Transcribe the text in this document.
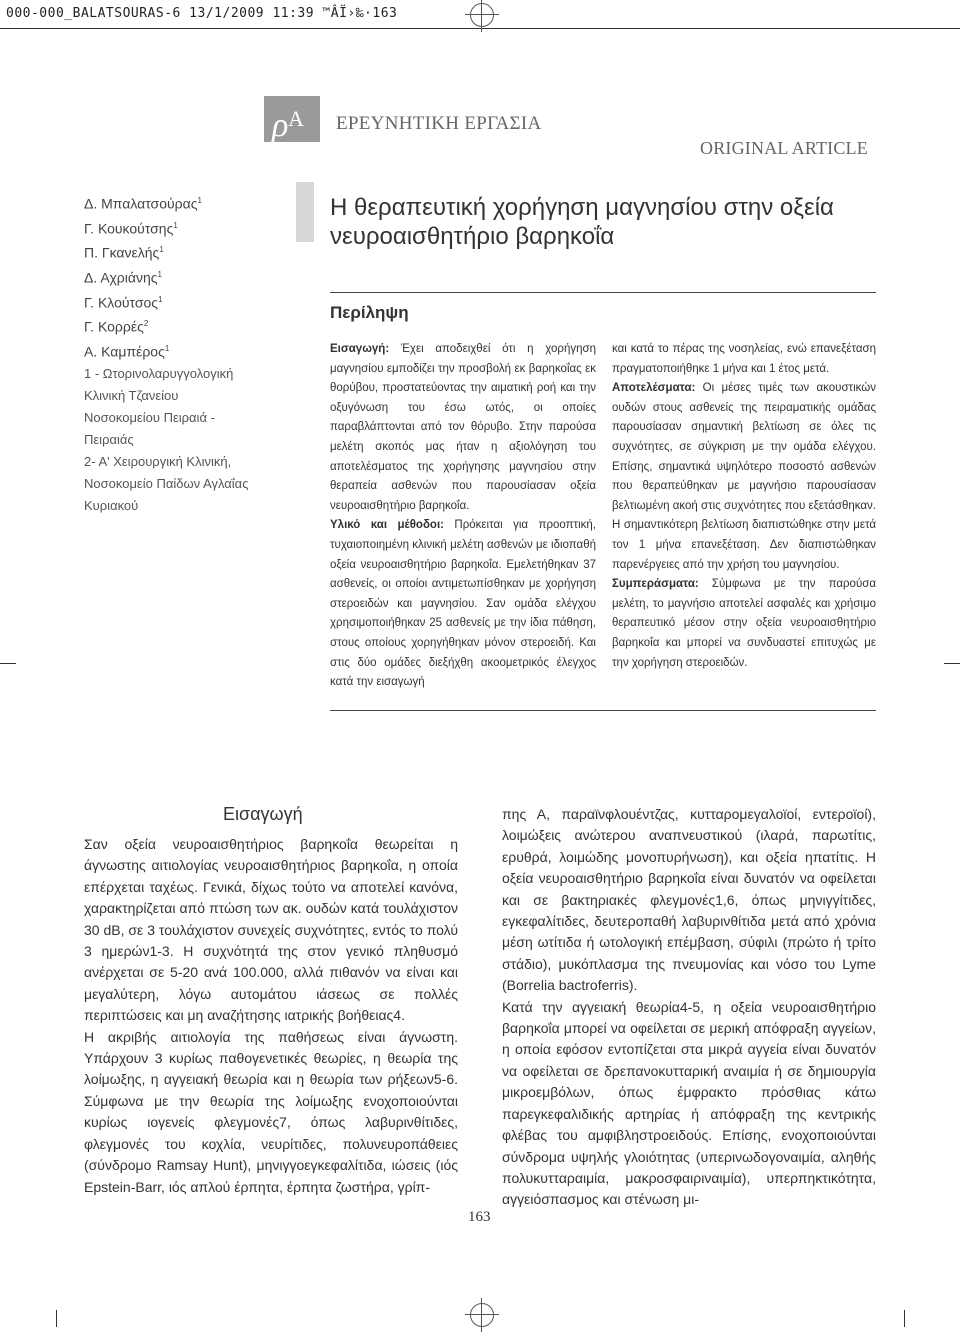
000-000_BALATSOURAS-6 13/1/2009 11:39 ™ÂÏ›‰·163
ρ Α ΕΡΕΥΝΗΤΙΚΗ ΕΡΓΑΣΙΑ
ORIGINAL ARTICLE
Δ. Μπαλατσούρας$^1$
Γ. Κουκούτσης$^1$
Π. Γκανελής$^1$
Δ. Αχριάνης$^1$
Γ. Κλούτσος$^1$
Γ. Κορρές$^2$
Α. Καμπέρος$^1$
1 - Ωτορινολαρυγγολογική
Κλινική Τζανείου
Νοσοκομείου Πειραιά -
Πειραιάς
2- Α' Χειρουργική Κλινική,
Νοσοκομείο Παίδων Αγλαΐας
Κυριακού
Η θεραπευτική χορήγηση μαγνησίου στην οξεία
νευροαισθητήριο βαρηκοΐα
Περίληψη

Εισαγωγή: Έχει αποδειχθεί ότι η χορήγηση μαγνησίου εμποδίζει την προσβολή εκ βαρηκοΐας εκ θορύβου, προστατεύοντας την αιματική ροή και την οξυγόνωση του έσω ωτός, οι οποίες παραβλάπτονται από τον θόρυβο. Στην παρούσα μελέτη σκοπός μας ήταν η αξιολόγηση του αποτελέσματος της χορήγησης μαγνησίου στην θεραπεία ασθενών που παρουσίασαν οξεία νευροαισθητήριο βαρηκοΐα.

Υλικό και μέθοδοι: Πρόκειται για προοπτική, τυχαιοποιημένη κλινική μελέτη ασθενών με ιδιοπαθή οξεία νευροαισθητήριο βαρηκοΐα. Εμελετήθηκαν 37 ασθενείς, οι οποίοι αντιμετωπίσθηκαν με χορήγηση στεροειδών και μαγνησίου. Σαν ομάδα ελέγχου χρησιμοποιήθηκαν 25 ασθενείς με την ίδια πάθηση, στους οποίους χορηγήθηκαν μόνον στεροειδή. Και στις δύο ομάδες διεξήχθη ακοομετρικός έλεγχος κατά την εισαγωγή

και κατά το πέρας της νοσηλείας, ενώ επανεξέταση πραγματοποιήθηκε 1 μήνα και 1 έτος μετά.

Αποτελέσματα: Οι μέσες τιμές των ακουστικών ουδών στους ασθενείς της πειραματικής ομάδας παρουσίασαν σημαντική βελτίωση σε όλες τις συχνότητες, σε σύγκριση με την ομάδα ελέγχου. Επίσης, σημαντικά υψηλότερο ποσοστό ασθενών που θεραπεύθηκαν με μαγνήσιο παρουσίασαν βελτιωμένη ακοή στις συχνότητες που εξετάσθηκαν. Η σημαντικότερη βελτίωση διαπιστώθηκε στην μετά τον 1 μήνα επανεξέταση. Δεν διαπιστώθηκαν παρενέργειες από την χρήση του μαγνησίου.

Συμπεράσματα: Σύμφωνα με την παρούσα μελέτη, το μαγνήσιο αποτελεί ασφαλές και χρήσιμο θεραπευτικό μέσον στην οξεία νευροαισθητήριο βαρηκοΐα και μπορεί να συνδυαστεί επιτυχώς με την χορήγηση στεροειδών.

Εισαγωγή

Σαν οξεία νευροαισθητήριος βαρηκοΐα θεωρείται η άγνωστης αιτιολογίας νευροαισθητήριος βαρηκοΐα, η οποία επέρχεται ταχέως. Γενικά, δίχως τούτο να αποτελεί κανόνα, χαρακτηρίζεται από πτώση των ακ. ουδών κατά τουλάχιστον 30 dB, σε 3 τουλάχιστον συνεχείς συχνότητες, εντός το πολύ 3 ημερών1-3. Η συχνότητά της στον γενικό πληθυσμό ανέρχεται σε 5-20 ανά 100.000, αλλά πιθανόν να είναι και μεγαλύτερη, λόγω αυτομάτου ιάσεως σε πολλές περιπτώσεις και μη αναζήτησης ιατρικής βοήθειας4.

Η ακριβής αιτιολογία της παθήσεως είναι άγνωστη. Υπάρχουν 3 κυρίως παθογενετικές θεωρίες, η θεωρία της λοίμωξης, η αγγειακή θεωρία και η θεωρία των ρήξεων5-6. Σύμφωνα με την θεωρία της λοίμωξης ενοχοποιούνται κυρίως ιογενείς φλεγμονές7, όπως λαβυρινθίτιδες, φλεγμονές του κοχλία, νευρίτιδες, πολυνευροπάθειες (σύνδρομο Ramsay Hunt), μηνιγγοεγκεφαλίτιδα, ιώσεις (ιός Epstein-Barr, ιός απλού έρπητα, έρπητα ζωστήρα, γρίπ-

πης Α, παραϊνφλουέντζας, κυτταρομεγαλοϊοί, εντεροϊοί), λοιμώξεις ανώτερου αναπνευστικού (ιλαρά, παρωτίτις, ερυθρά, λοιμώδης μονοπυρήνωση), και οξεία ηπατίτις. Η οξεία νευροαισθητήριο βαρηκοΐα είναι δυνατόν να οφείλεται και σε βακτηριακές φλεγμονές1,6, όπως μηνιγγίτιδες, εγκεφαλίτιδες, δευτεροπαθή λαβυρινθίτιδα μετά από χρόνια μέση ωτίτιδα ή ωτολογική επέμβαση, σύφιλι (πρώτο ή τρίτο στάδιο), μυκόπλασμα της πνευμονίας και νόσο του Lyme (Borrelia bactroferris).

Κατά την αγγειακή θεωρία4-5, η οξεία νευροαισθητήριο βαρηκοΐα μπορεί να οφείλεται σε μερική απόφραξη αγγείων, η οποία εφόσον εντοπίζεται στα μικρά αγγεία είναι δυνατόν να οφείλεται σε δρεπανοκυτταρική αναιμία ή σε δημιουργία μικροεμβόλων, όπως έμφρακτο πρόσθιας κάτω παρεγκεφαλιδικής αρτηρίας ή απόφραξη της κεντρικής φλέβας του αμφιβληστροειδούς. Επίσης, ενοχοποιούνται σύνδρομα υψηλής γλοιότητας (υπερινωδογοναιμία, αληθής πολυκυτταραιμία, μακροσφαιριναιμία), υπερπηκτικότητα, αγγειόσπασμος και στένωση μι-

163
